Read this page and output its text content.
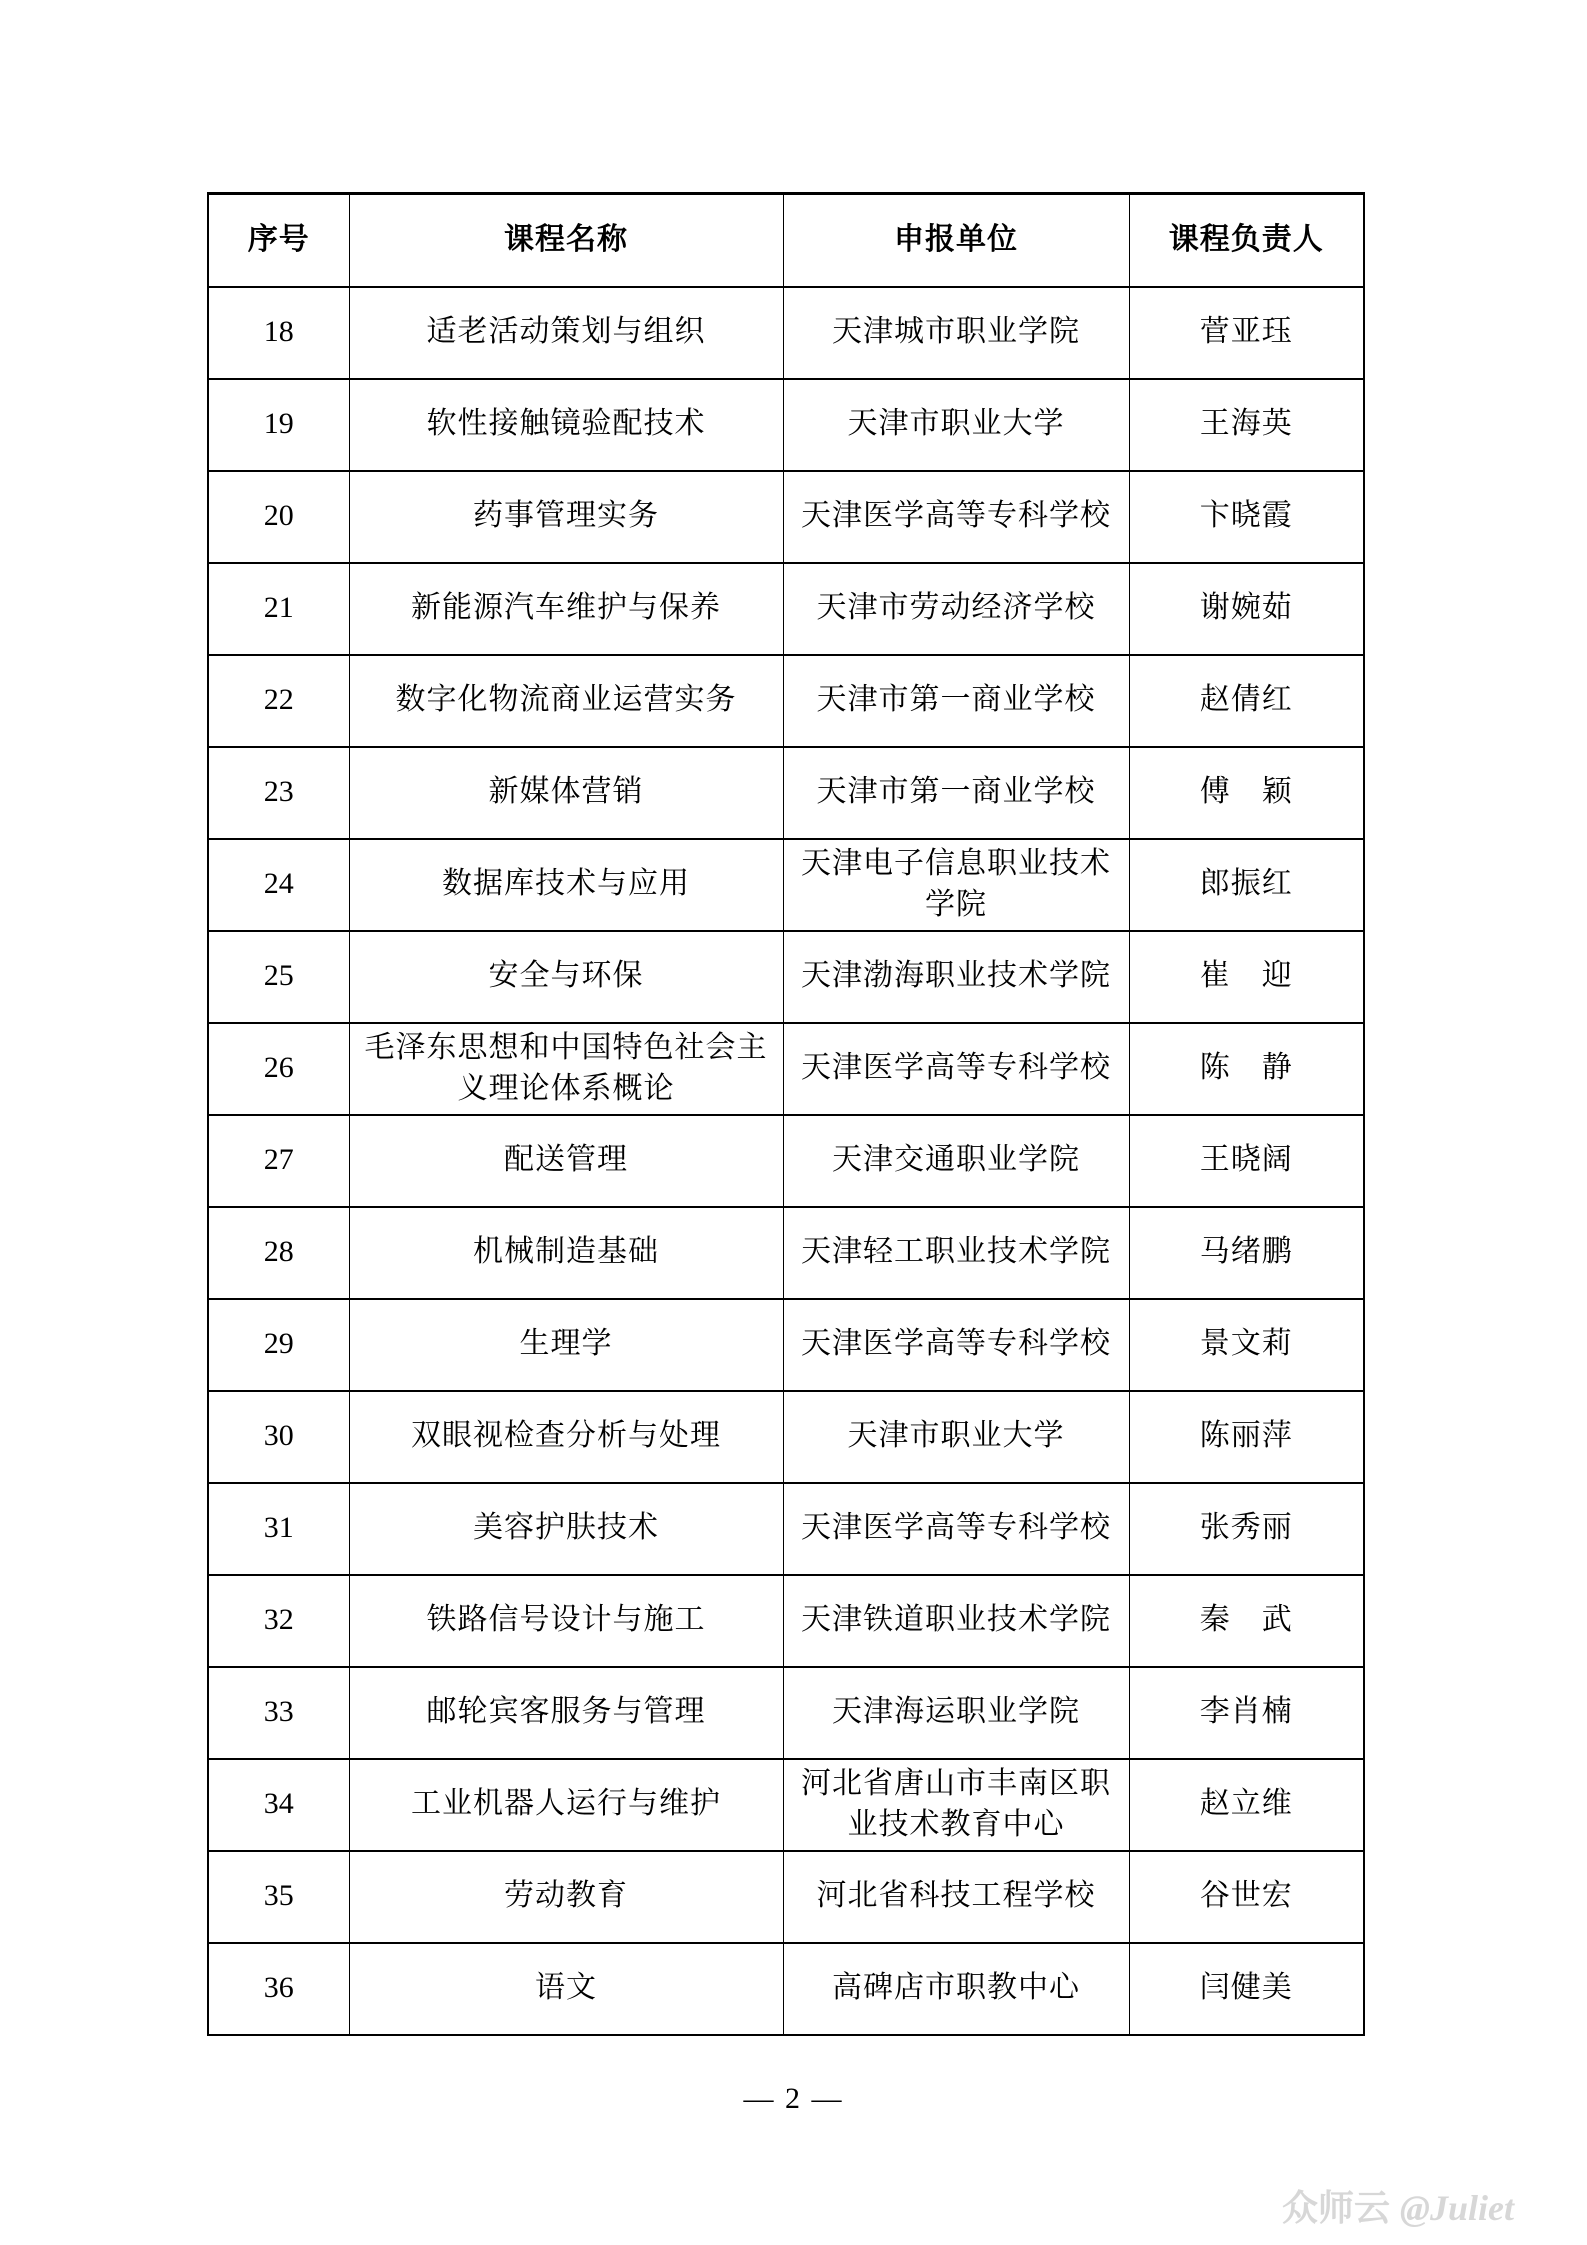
序号	课程名称	申报单位	课程负责人
18	适老活动策划与组织	天津城市职业学院	菅亚珏
19	软性接触镜验配技术	天津市职业大学	王海英
20	药事管理实务	天津医学高等专科学校	卞晓霞
21	新能源汽车维护与保养	天津市劳动经济学校	谢婉茹
22	数字化物流商业运营实务	天津市第一商业学校	赵倩红
23	新媒体营销	天津市第一商业学校	傅　颖
24	数据库技术与应用	天津电子信息职业技术学院	郎振红
25	安全与环保	天津渤海职业技术学院	崔　迎
26	毛泽东思想和中国特色社会主义理论体系概论	天津医学高等专科学校	陈　静
27	配送管理	天津交通职业学院	王晓阔
28	机械制造基础	天津轻工职业技术学院	马绪鹏
29	生理学	天津医学高等专科学校	景文莉
30	双眼视检查分析与处理	天津市职业大学	陈丽萍
31	美容护肤技术	天津医学高等专科学校	张秀丽
32	铁路信号设计与施工	天津铁道职业技术学院	秦　武
33	邮轮宾客服务与管理	天津海运职业学院	李肖楠
34	工业机器人运行与维护	河北省唐山市丰南区职业技术教育中心	赵立维
35	劳动教育	河北省科技工程学校	谷世宏
36	语文	高碑店市职教中心	闫健美
— 2 —
众师云 @Juliet
